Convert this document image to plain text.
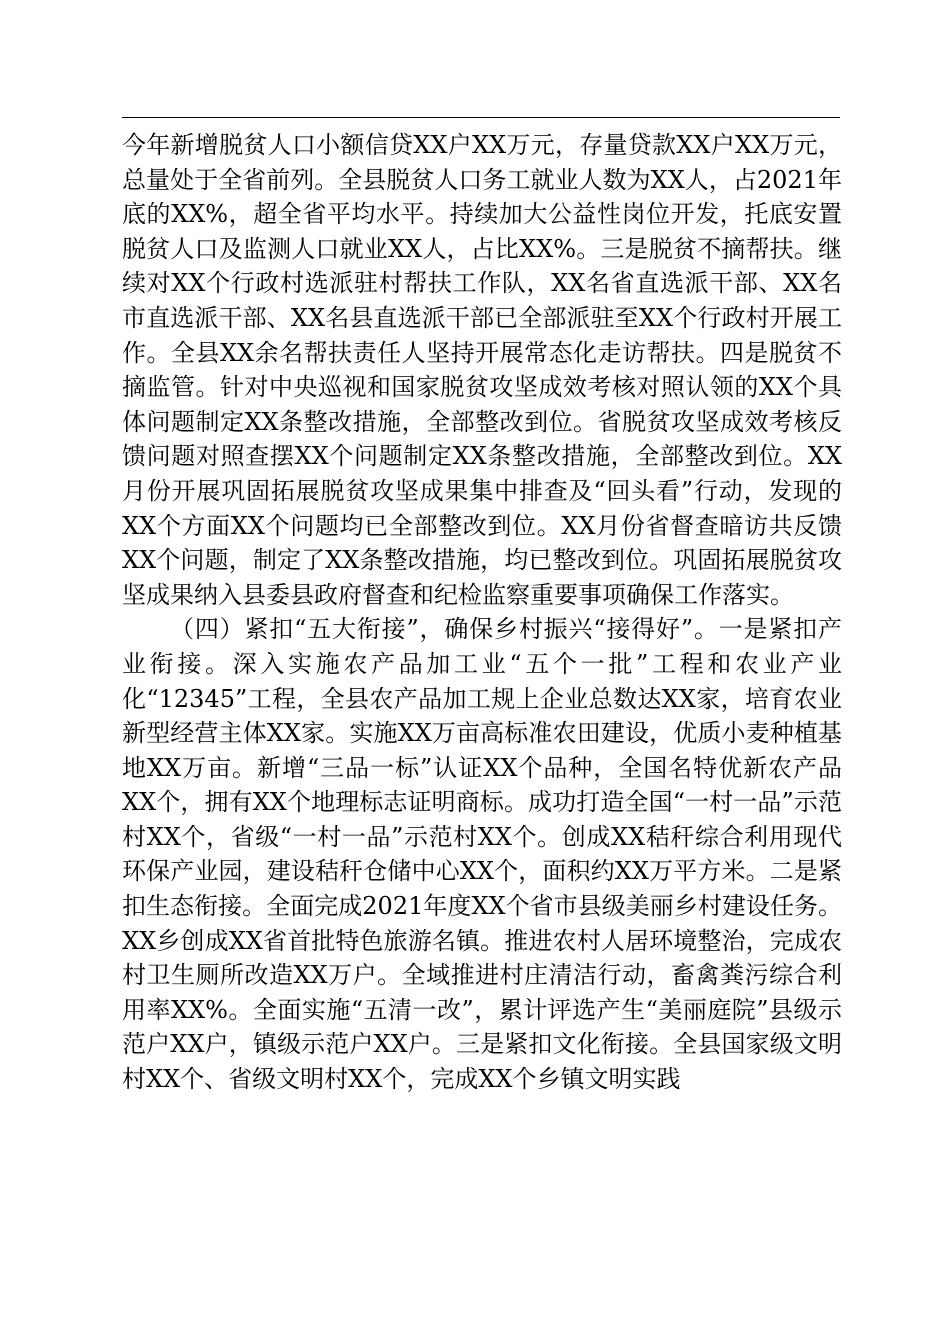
今年新增脱贫人口小额信贷XX户XX万元，存量贷款XX户XX万元，总量处于全省前列。全县脱贫人口务工就业人数为XX人，占2021年底的XX%，超全省平均水平。持续加大公益性岗位开发，托底安置脱贫人口及监测人口就业XX人，占比XX%。三是脱贫不摘帮扶。继续对XX个行政村选派驻村帮扶工作队，XX名省直选派干部、XX名市直选派干部、XX名县直选派干部已全部派驻至XX个行政村开展工作。全县XX余名帮扶责任人坚持开展常态化走访帮扶。四是脱贫不摘监管。针对中央巡视和国家脱贫攻坚成效考核对照认领的XX个具体问题制定XX条整改措施，全部整改到位。省脱贫攻坚成效考核反馈问题对照查摆XX个问题制定XX条整改措施，全部整改到位。XX月份开展巩固拓展脱贫攻坚成果集中排查及“回头看”行动，发现的XX个方面XX个问题均已全部整改到位。XX月份省督查暗访共反馈XX个问题，制定了XX条整改措施，均已整改到位。巩固拓展脱贫攻坚成果纳入县委县政府督查和纪检监察重要事项确保工作落实。

（四）紧扣“五大衔接”，确保乡村振兴“接得好”。一是紧扣产业衔接。深入实施农产品加工业“五个一批”工程和农业产业化“12345”工程，全县农产品加工规上企业总数达XX家，培育农业新型经营主体XX家。实施XX万亩高标准农田建设，优质小麦种植基地XX万亩。新增“三品一标”认证XX个品种，全国名特优新农产品XX个，拥有XX个地理标志证明商标。成功打造全国“一村一品”示范村XX个，省级“一村一品”示范村XX个。创成XX秸秆综合利用现代环保产业园，建设秸秆仓储中心XX个，面积约XX万平方米。二是紧扣生态衔接。全面完成2021年度XX个省市县级美丽乡村建设任务。XX乡创成XX省首批特色旅游名镇。推进农村人居环境整治，完成农村卫生厕所改造XX万户。全域推进村庄清洁行动，畜禽粪污综合利用率XX%。全面实施“五清一改”，累计评选产生“美丽庭院”县级示范户XX户，镇级示范户XX户。三是紧扣文化衔接。全县国家级文明村XX个、省级文明村XX个，完成XX个乡镇文明实践
